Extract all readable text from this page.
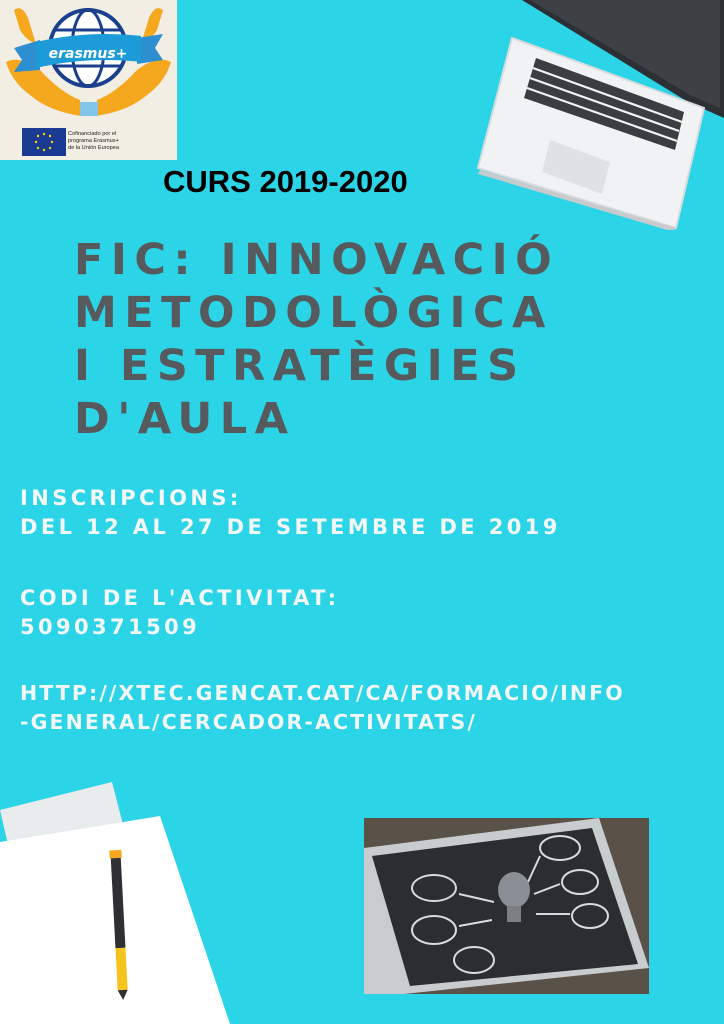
erasmus+
Cofinanciado por el
programa Erasmus+
de la Unión Europea
CURS 2019-2020
FIC: INNOVACIÓ
METODOLÒGICA
I ESTRATÈGIES
D'AULA
INSCRIPCIONS:
DEL 12 AL 27 DE SETEMBRE DE 2019
CODI DE L'ACTIVITAT:
5090371509
HTTP://XTEC.GENCAT.CAT/CA/FORMACIO/INFO
-GENERAL/CERCADOR-ACTIVITATS/
